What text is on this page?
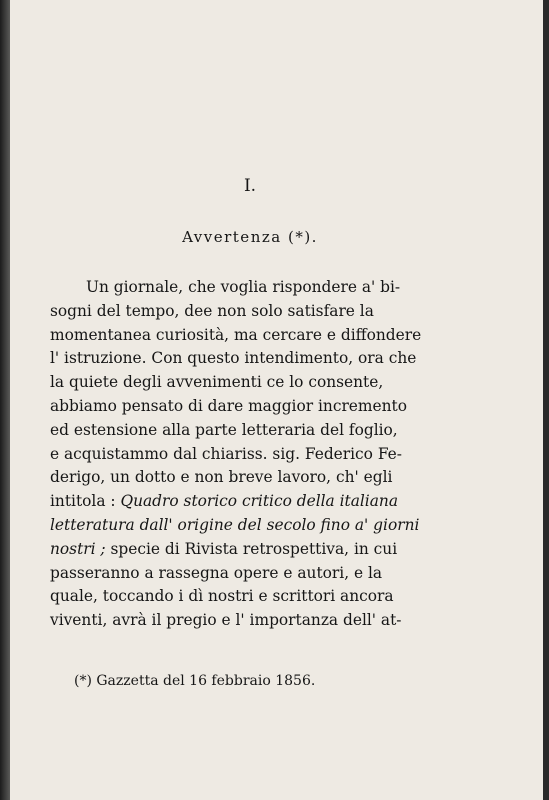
I.
Avvertenza (*).
Un giornale, che voglia rispondere a' bi-
sogni del tempo, dee non solo satisfare la
momentanea curiosità, ma cercare e diffondere
l' istruzione. Con questo intendimento, ora che
la quiete degli avvenimenti ce lo consente,
abbiamo pensato di dare maggior incremento
ed estensione alla parte letteraria del foglio,
e acquistammo dal chiariss. sig. Federico Fe-
derigo, un dotto e non breve lavoro, ch' egli
intitola : Quadro storico critico della italiana
letteratura dall' origine del secolo fino a' giorni
nostri ; specie di Rivista retrospettiva, in cui
passeranno a rassegna opere e autori, e la
quale, toccando i dì nostri e scrittori ancora
viventi, avrà il pregio e l' importanza dell' at-
(*) Gazzetta del 16 febbraio 1856.
